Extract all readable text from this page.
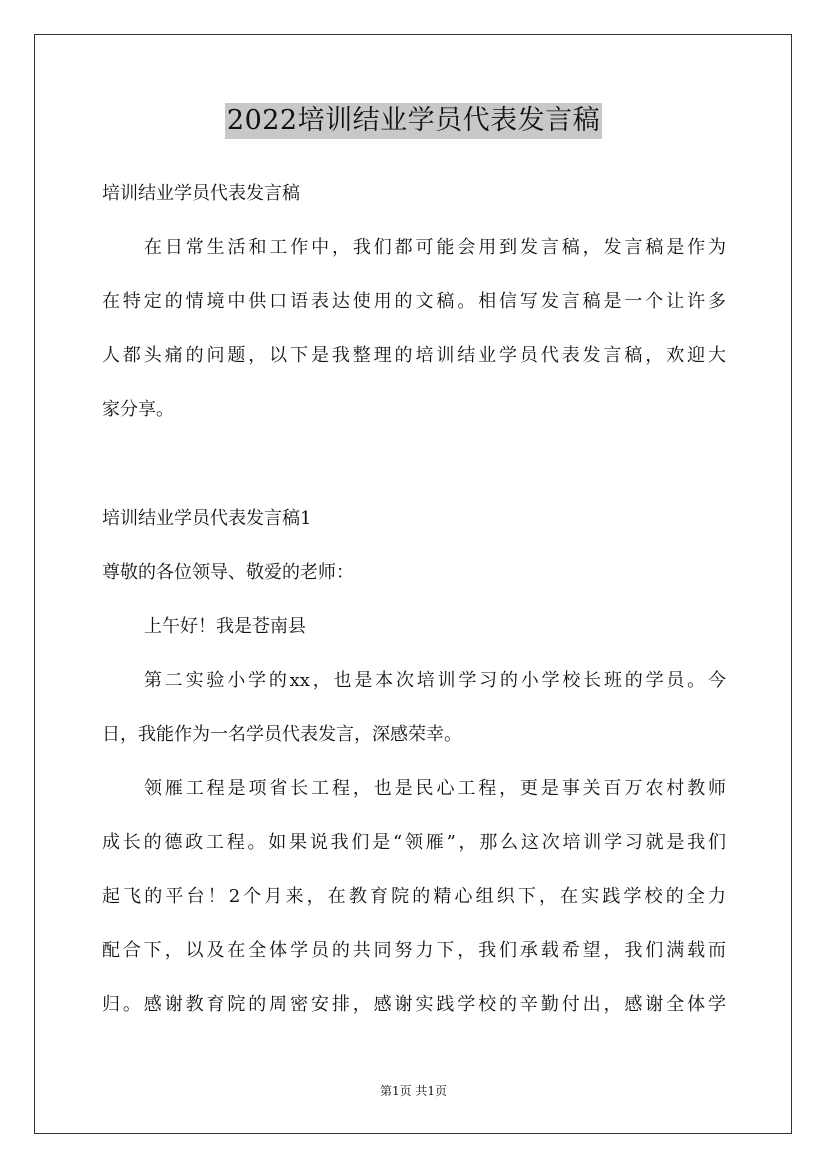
2022培训结业学员代表发言稿
培训结业学员代表发言稿
在日常生活和工作中，我们都可能会用到发言稿，发言稿是作为
在特定的情境中供口语表达使用的文稿。相信写发言稿是一个让许多
人都头痛的问题，以下是我整理的培训结业学员代表发言稿，欢迎大
家分享。
培训结业学员代表发言稿1
尊敬的各位领导、敬爱的老师：
上午好！我是苍南县
第二实验小学的xx，也是本次培训学习的小学校长班的学员。今
日，我能作为一名学员代表发言，深感荣幸。
领雁工程是项省长工程，也是民心工程，更是事关百万农村教师
成长的德政工程。如果说我们是“领雁”，那么这次培训学习就是我们
起飞的平台！2个月来，在教育院的精心组织下，在实践学校的全力
配合下，以及在全体学员的共同努力下，我们承载希望，我们满载而
归。感谢教育院的周密安排，感谢实践学校的辛勤付出，感谢全体学
第1页 共1页
